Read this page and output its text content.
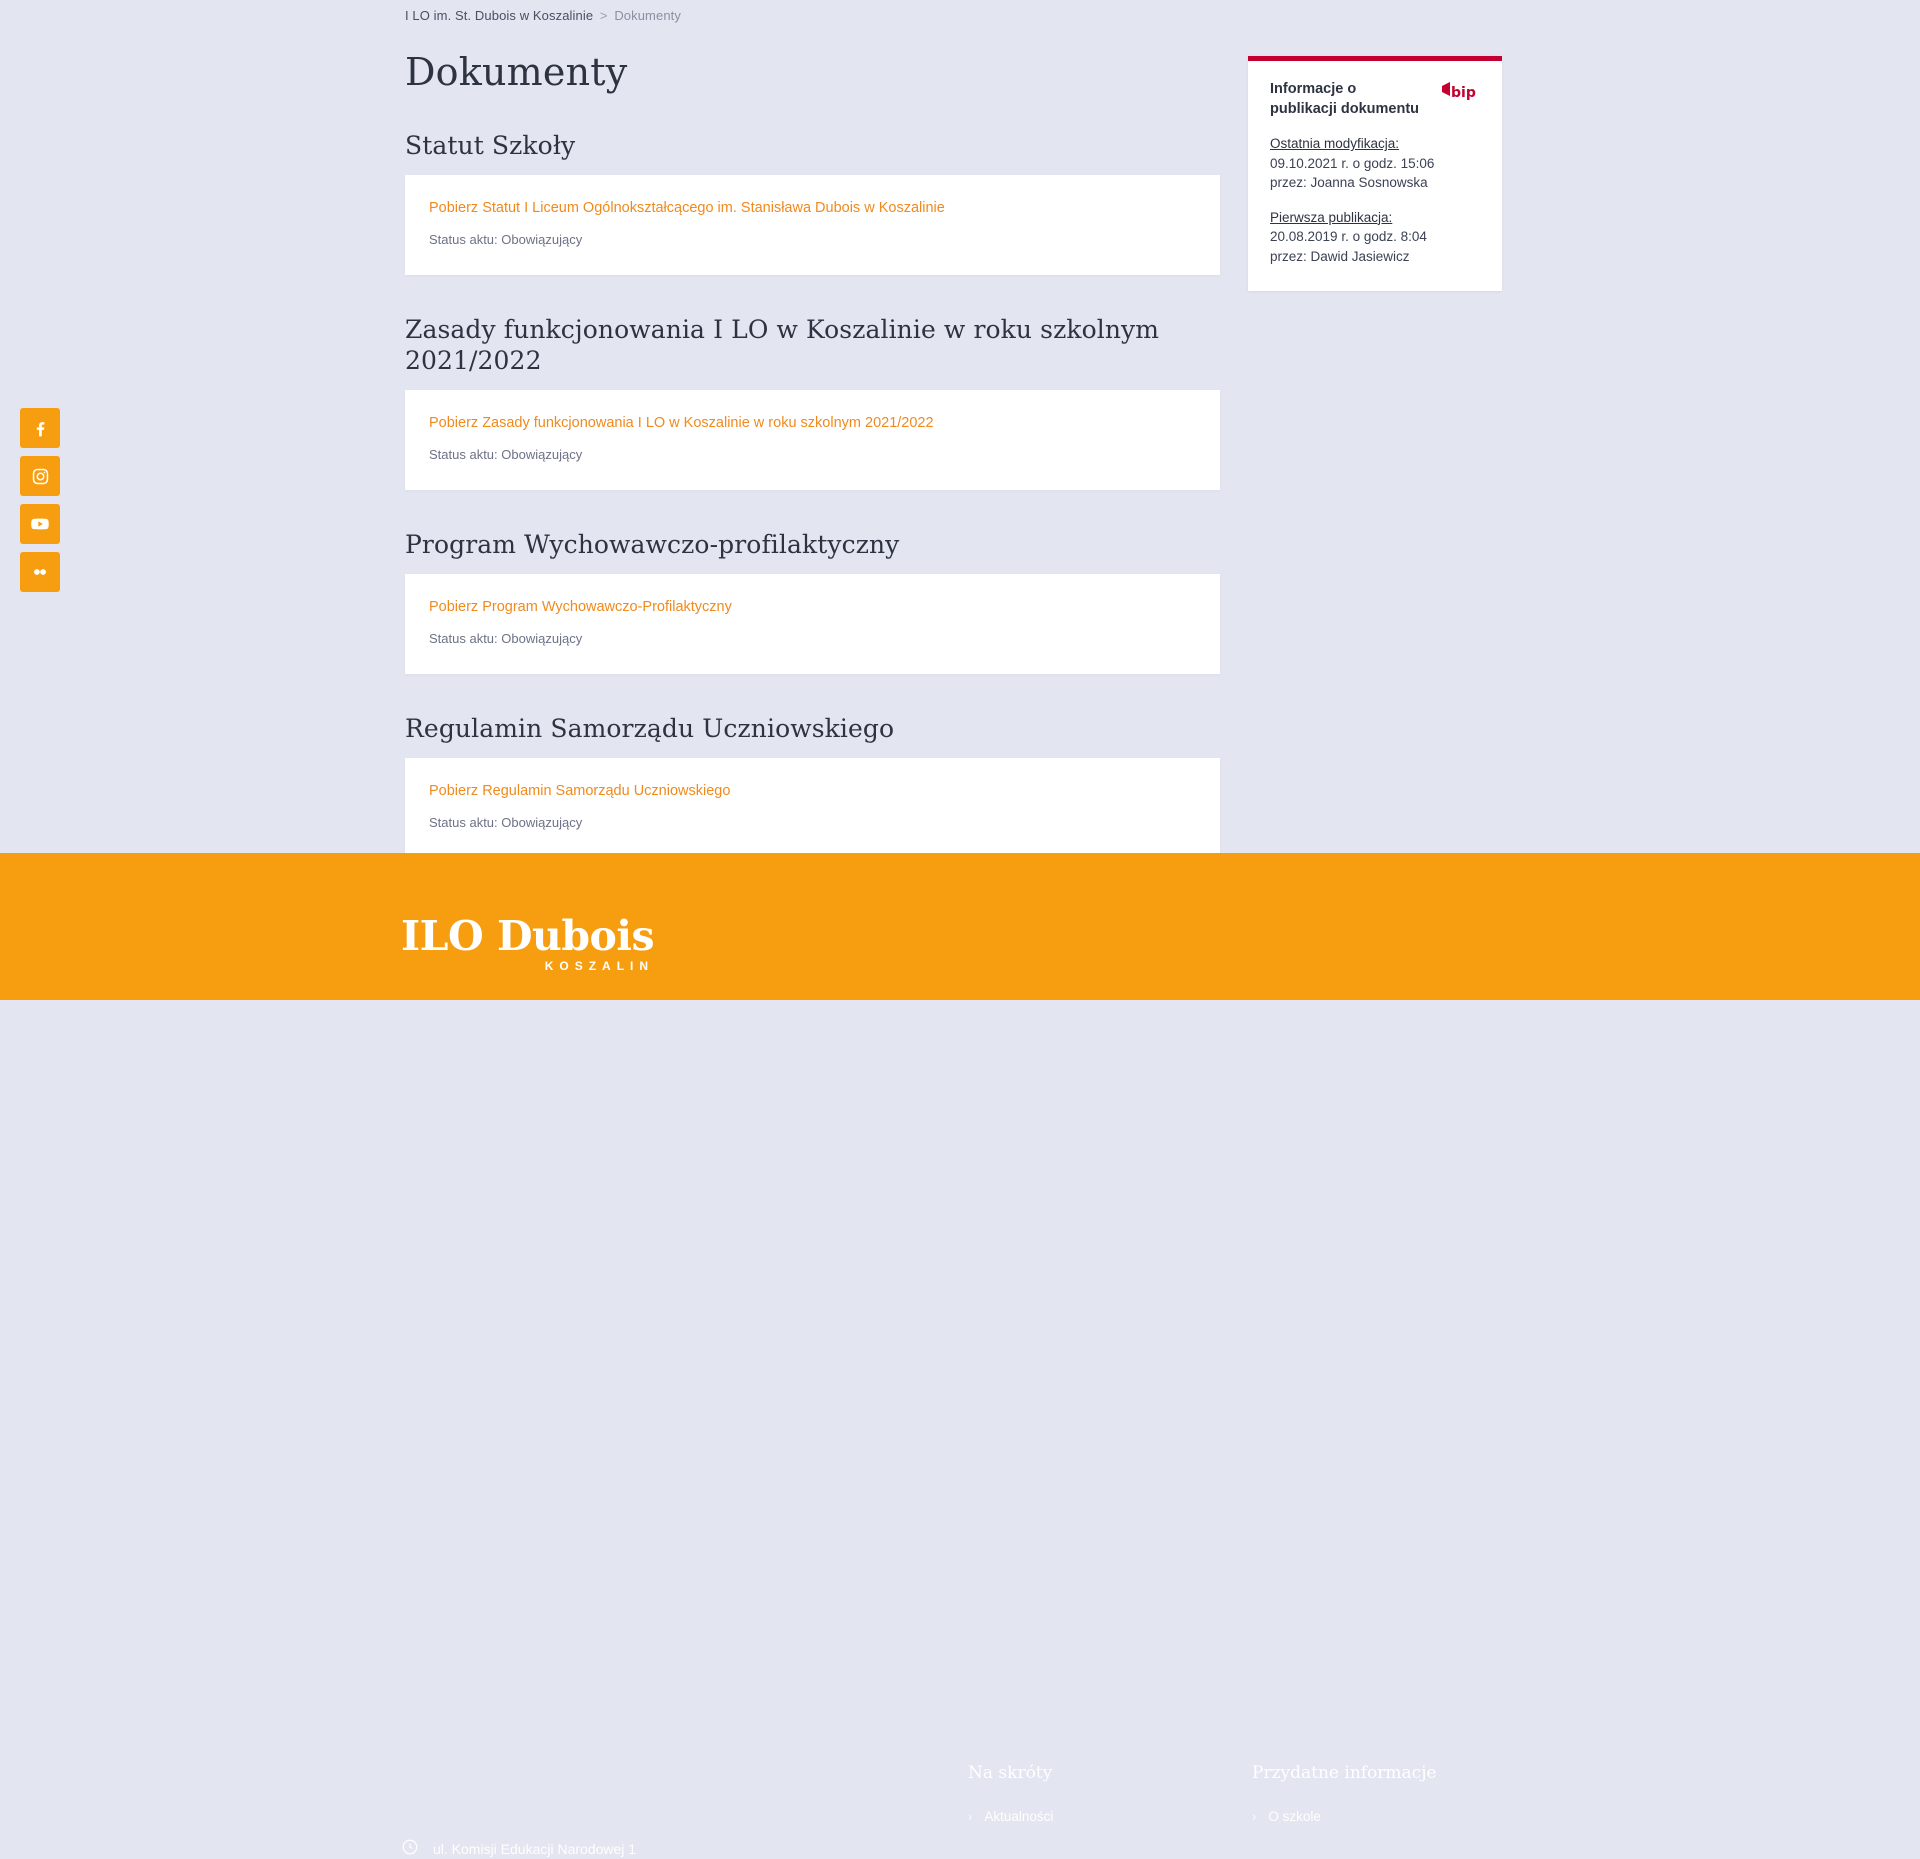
I LO im. St. Dubois w Koszalinie > Dokumenty
Dokumenty
Statut Szkoły
Pobierz Statut I Liceum Ogólnokształcącego im. Stanisława Dubois w Koszalinie
Status aktu: Obowiązujący
Zasady funkcjonowania I LO w Koszalinie w roku szkolnym 2021/2022
Pobierz Zasady funkcjonowania I LO w Koszalinie w roku szkolnym 2021/2022
Status aktu: Obowiązujący
Program Wychowawczo-profilaktyczny
Pobierz Program Wychowawczo-Profilaktyczny
Status aktu: Obowiązujący
Regulamin Samorządu Uczniowskiego
Pobierz Regulamin Samorządu Uczniowskiego
Status aktu: Obowiązujący
Informacje o publikacji dokumentu
bip
Ostatnia modyfikacja:
09.10.2021 r. o godz. 15:06
przez: Joanna Sosnowska
Pierwsza publikacja:
20.08.2019 r. o godz. 8:04
przez: Dawid Jasiewicz
ILO Dubois
KOSZALIN
ul. Komisji Edukacji Narodowej 1
Na skróty
› Aktualności
Przydatne informacje
› O szkole
